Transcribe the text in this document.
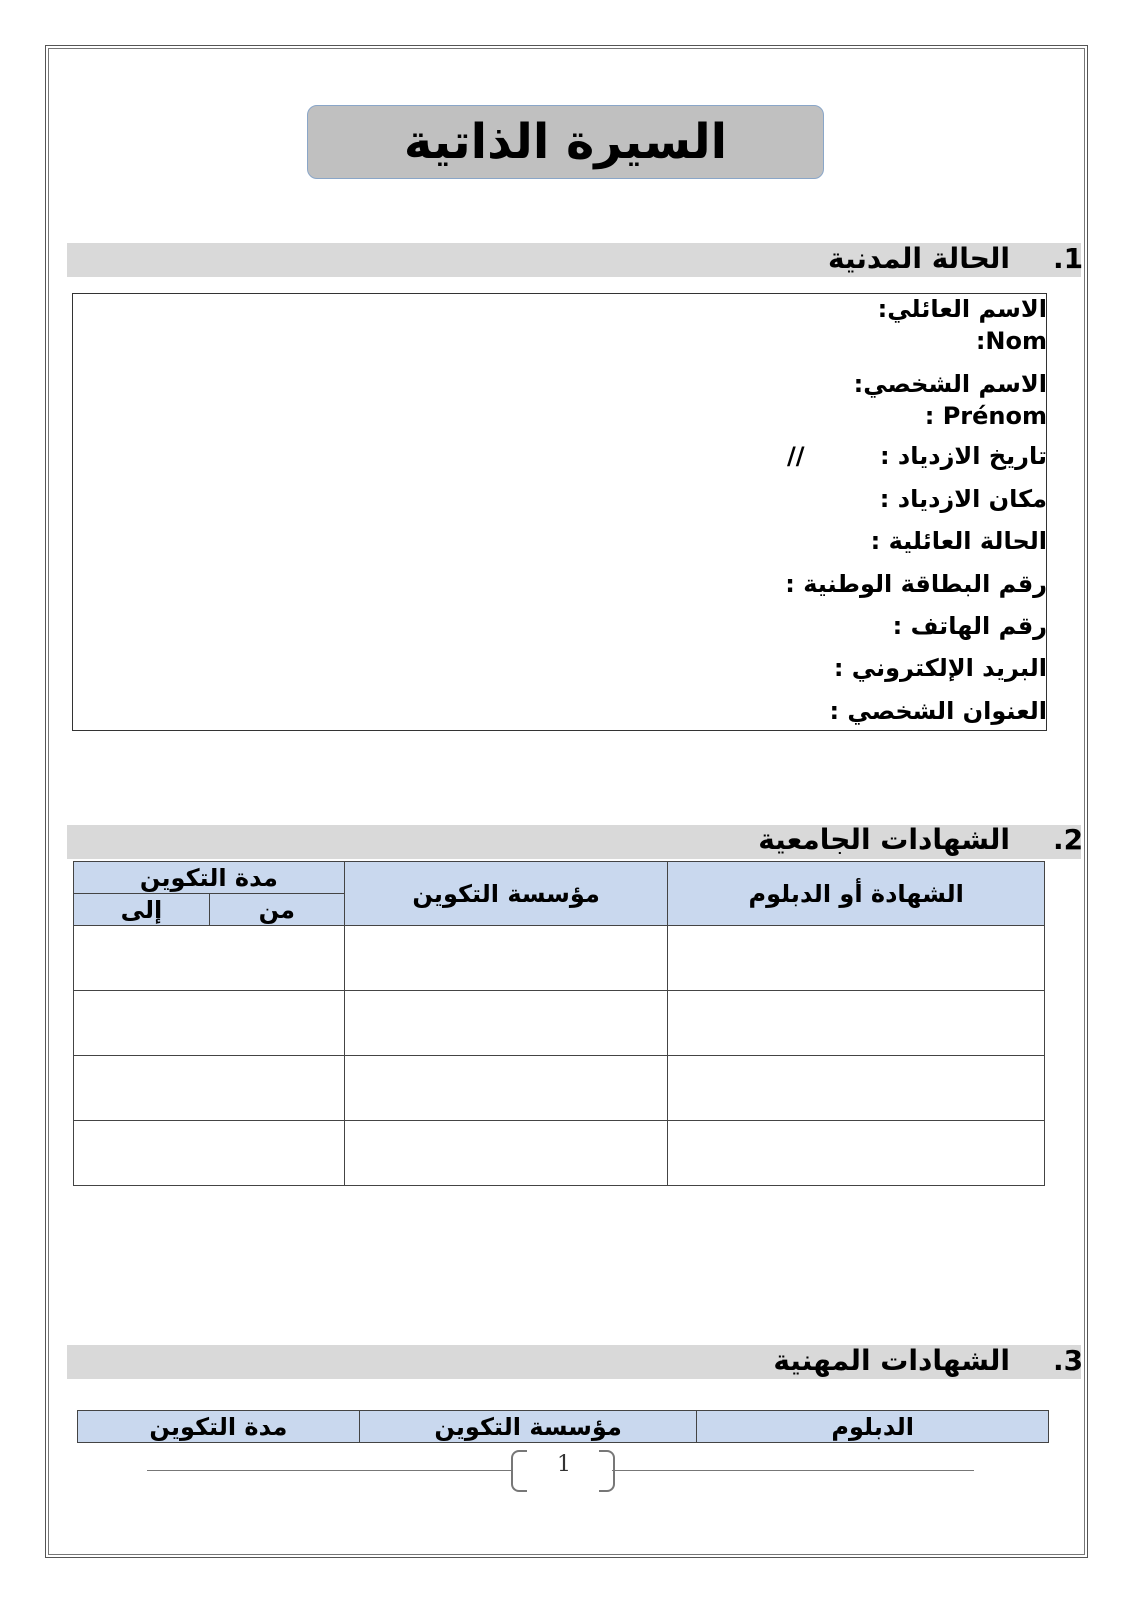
السيرة الذاتية
الحالة المدنية .1
الاسم العائلي:
:Nom
الاسم الشخصي:
: Prénom
تاريخ الازدياد :
//
مكان الازدياد :
الحالة العائلية :
رقم البطاقة الوطنية :
رقم الهاتف :
البريد الإلكتروني :
العنوان الشخصي :
الشهادات الجامعية .2
الشهادة أو الدبلوم	مؤسسة التكوين	مدة التكوين	
		من	إلى

الشهادات المهنية .3
الدبلوم	مؤسسة التكوين	مدة التكوين
1
